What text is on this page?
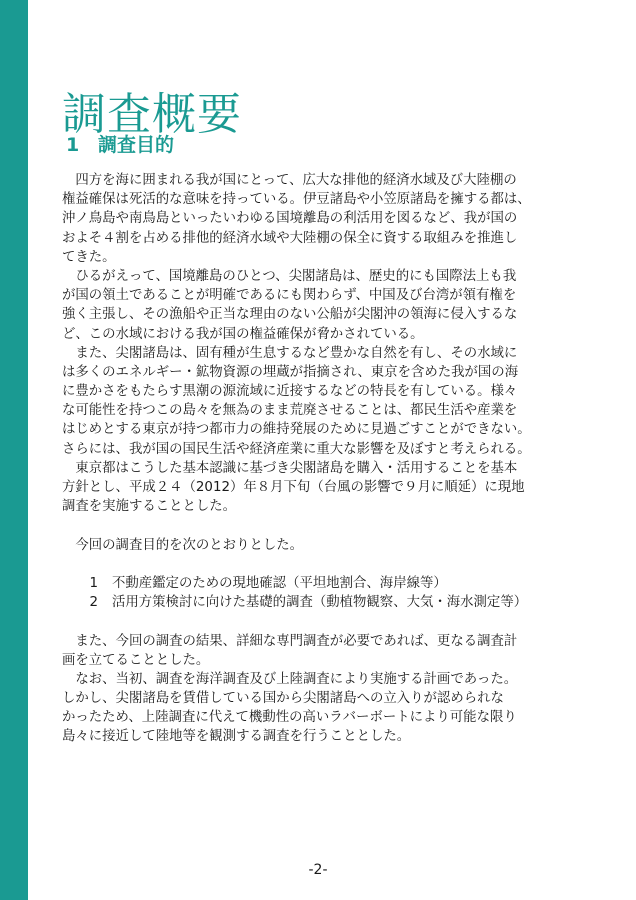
調査概要
1 調査目的
　四方を海に囲まれる我が国にとって、広大な排他的経済水域及び大陸棚の
権益確保は死活的な意味を持っている。伊豆諸島や小笠原諸島を擁する都は、
沖ノ鳥島や南鳥島といったいわゆる国境離島の利活用を図るなど、我が国の
およそ４割を占める排他的経済水域や大陸棚の保全に資する取組みを推進し
てきた。
　ひるがえって、国境離島のひとつ、尖閣諸島は、歴史的にも国際法上も我
が国の領土であることが明確であるにも関わらず、中国及び台湾が領有権を
強く主張し、その漁船や正当な理由のない公船が尖閣沖の領海に侵入するな
ど、この水域における我が国の権益確保が脅かされている。
　また、尖閣諸島は、固有種が生息するなど豊かな自然を有し、その水域に
は多くのエネルギー・鉱物資源の埋蔵が指摘され、東京を含めた我が国の海
に豊かさをもたらす黒潮の源流域に近接するなどの特長を有している。様々
な可能性を持つこの島々を無為のまま荒廃させることは、都民生活や産業を
はじめとする東京が持つ都市力の維持発展のために見過ごすことができない。
さらには、我が国の国民生活や経済産業に重大な影響を及ぼすと考えられる。
　東京都はこうした基本認識に基づき尖閣諸島を購入・活用することを基本
方針とし、平成２４（2012）年８月下旬（台風の影響で９月に順延）に現地
調査を実施することとした。
　今回の調査目的を次のとおりとした。
1 不動産鑑定のための現地確認（平坦地割合、海岸線等）
2 活用方策検討に向けた基礎的調査（動植物観察、大気・海水測定等）
　また、今回の調査の結果、詳細な専門調査が必要であれば、更なる調査計
画を立てることとした。
　なお、当初、調査を海洋調査及び上陸調査により実施する計画であった。
しかし、尖閣諸島を賃借している国から尖閣諸島への立入りが認められな
かったため、上陸調査に代えて機動性の高いラバーボートにより可能な限り
島々に接近して陸地等を観測する調査を行うこととした。
-2-
